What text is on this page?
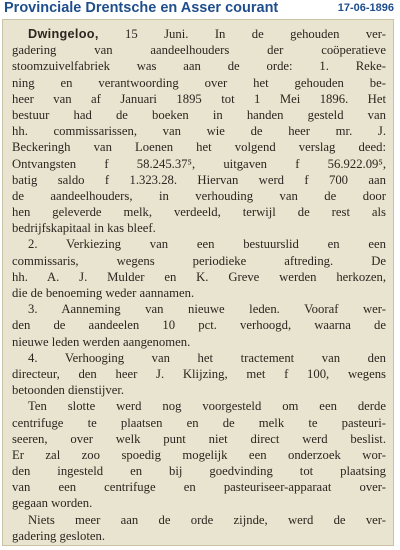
Provinciale Drentsche en Asser courant	17-06-1896
Dwingeloo, 15 Juni. In de gehouden ver-
gadering van aandeelhouders der coöperatieve
stoomzuivelfabriek was aan de orde: 1. Reke-
ning en verantwoording over het gehouden be-
heer van af Januari 1895 tot 1 Mei 1896. Het
bestuur had de boeken in handen gesteld van
hh. commissarissen, van wie de heer mr. J.
Beckeringh van Loenen het volgend verslag deed:
Ontvangsten f 58.245.37⁵, uitgaven f 56.922.09⁵,
batig saldo f 1.323.28. Hiervan werd f 700 aan
de aandeelhouders, in verhouding van de door
hen geleverde melk, verdeeld, terwijl de rest als
bedrijfskapitaal in kas bleef.
2. Verkiezing van een bestuurslid en een
commissaris, wegens periodieke aftreding. De
hh. A. J. Mulder en K. Greve werden herkozen,
die de benoeming weder aannamen.
3. Aanneming van nieuwe leden. Vooraf wer-
den de aandeelen 10 pct. verhoogd, waarna de
nieuwe leden werden aangenomen.
4. Verhooging van het tractement van den
directeur, den heer J. Klijzing, met f 100, wegens
betoonden dienstijver.
Ten slotte werd nog voorgesteld om een derde
centrifuge te plaatsen en de melk te pasteuri-
seeren, over welk punt niet direct werd beslist.
Er zal zoo spoedig mogelijk een onderzoek wor-
den ingesteld en bij goedvinding tot plaatsing
van een centrifuge en pasteuriseer-apparaat over-
gegaan worden.
Niets meer aan de orde zijnde, werd de ver-
gadering gesloten.
